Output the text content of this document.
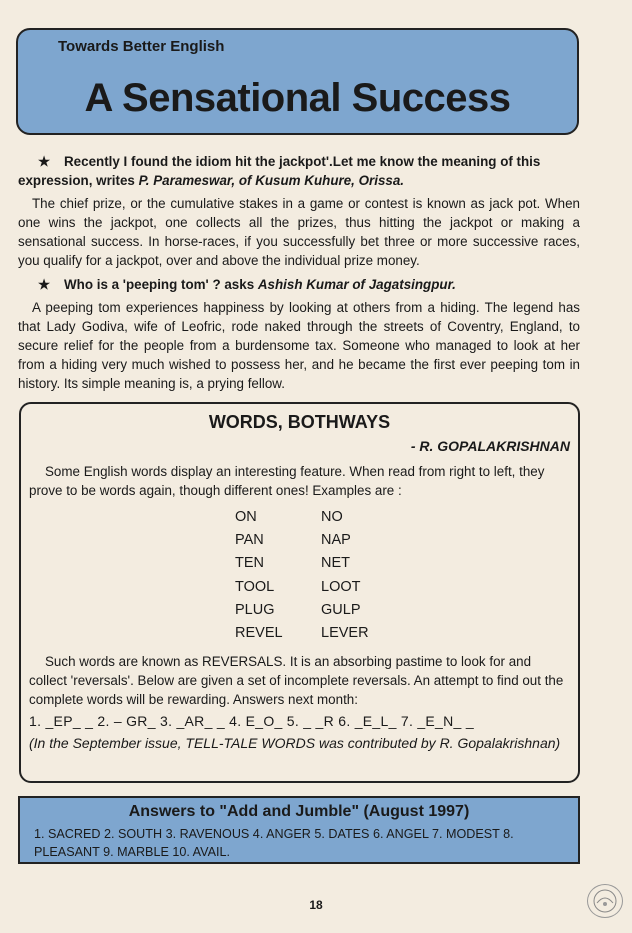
Towards Better English
A Sensational Success
★ Recently I found the idiom hit the jackpot'.Let me know the meaning of this expression, writes P. Parameswar, of Kusum Kuhure, Orissa.
The chief prize, or the cumulative stakes in a game or contest is known as jack pot. When one wins the jackpot, one collects all the prizes, thus hitting the jackpot or making a sensational success. In horse-races, if you successfully bet three or more successive races, you qualify for a jackpot, over and above the individual prize money.
★ Who is a 'peeping tom' ? asks Ashish Kumar of Jagatsingpur.
A peeping tom experiences happiness by looking at others from a hiding. The legend has that Lady Godiva, wife of Leofric, rode naked through the streets of Coventry, England, to secure relief for the people from a burdensome tax. Someone who managed to look at her from a hiding very much wished to possess her, and he became the first ever peeping tom in history. Its simple meaning is, a prying fellow.
WORDS, BOTHWAYS
- R. GOPALAKRISHNAN
Some English words display an interesting feature. When read from right to left, they prove to be words again, though different ones! Examples are :
ON	NO
PAN	NAP
TEN	NET
TOOL	LOOT
PLUG	GULP
REVEL	LEVER
Such words are known as REVERSALS. It is an absorbing pastime to look for and collect 'reversals'. Below are given a set of incomplete reversals. An attempt to find out the complete words will be rewarding. Answers next month:
1. _EP_ _ 2. – GR_ 3. _AR_ _ 4. E_O_ 5. _ _R 6. _E_L_ 7. _E_N_ _
(In the September issue, TELL-TALE WORDS was contributed by R. Gopalakrishnan)
Answers to "Add and Jumble" (August 1997)
1. SACRED 2. SOUTH 3. RAVENOUS 4. ANGER 5. DATES 6. ANGEL 7. MODEST 8. PLEASANT 9. MARBLE 10. AVAIL.
18
